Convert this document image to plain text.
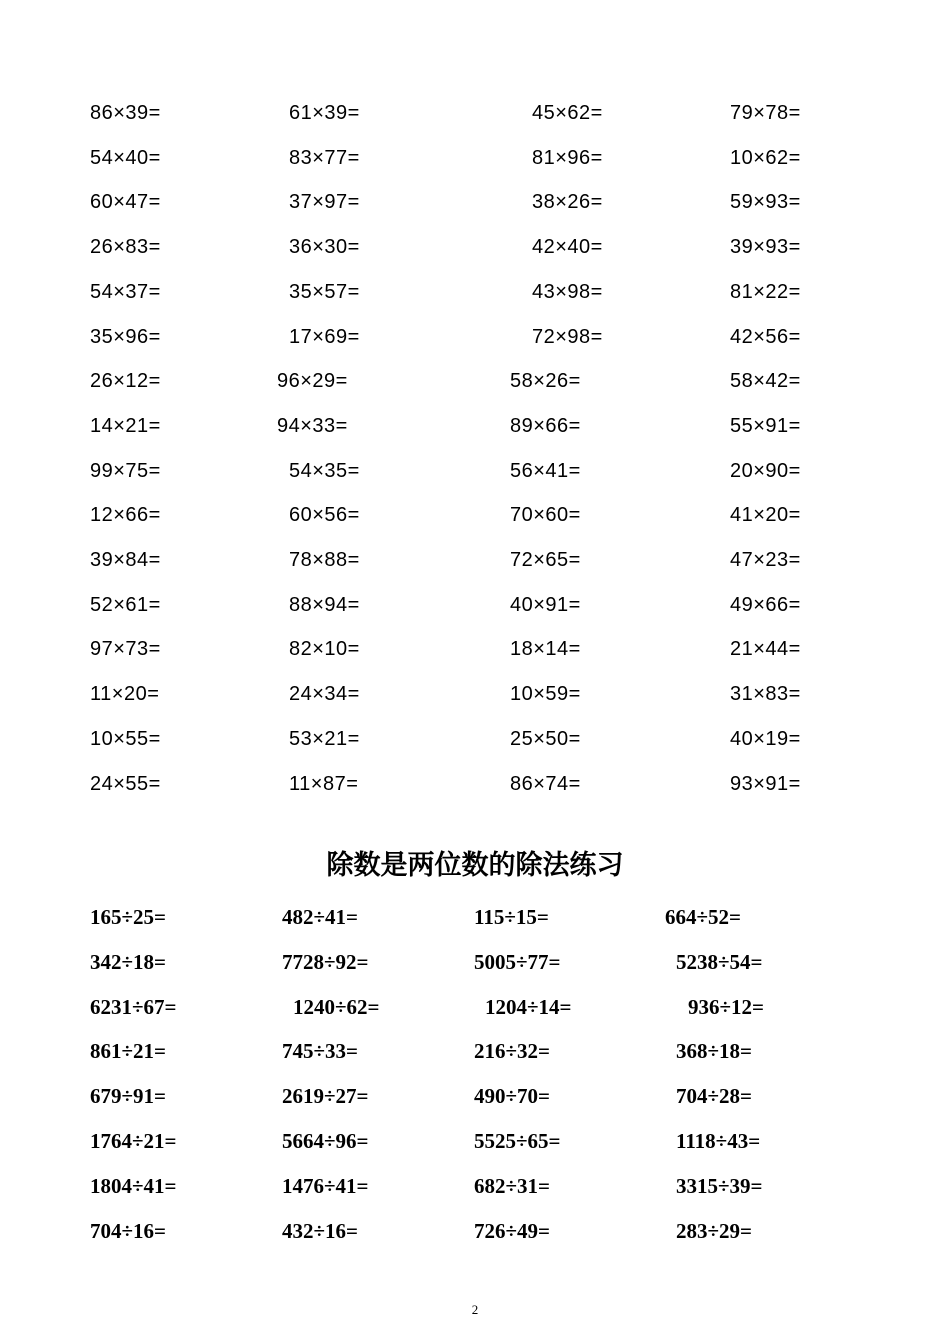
86×39=	61×39=	45×62=	79×78=
54×40=	83×77=	81×96=	10×62=
60×47=	37×97=	38×26=	59×93=
26×83=	36×30=	42×40=	39×93=
54×37=	35×57=	43×98=	81×22=
35×96=	17×69=	72×98=	42×56=
26×12=	96×29=	58×26=	58×42=
14×21=	94×33=	89×66=	55×91=
99×75=	54×35=	56×41=	20×90=
12×66=	60×56=	70×60=	41×20=
39×84=	78×88=	72×65=	47×23=
52×61=	88×94=	40×91=	49×66=
97×73=	82×10=	18×14=	21×44=
11×20=	24×34=	10×59=	31×83=
10×55=	53×21=	25×50=	40×19=
24×55=	11×87=	86×74=	93×91=
除数是两位数的除法练习
165÷25=	482÷41=	115÷15=	664÷52=
342÷18=	7728÷92=	5005÷77=	5238÷54=
6231÷67=	1240÷62=	1204÷14=	936÷12=
861÷21=	745÷33=	216÷32=	368÷18=
679÷91=	2619÷27=	490÷70=	704÷28=
1764÷21=	5664÷96=	5525÷65=	1118÷43=
1804÷41=	1476÷41=	682÷31=	3315÷39=
704÷16=	432÷16=	726÷49=	283÷29=
2
